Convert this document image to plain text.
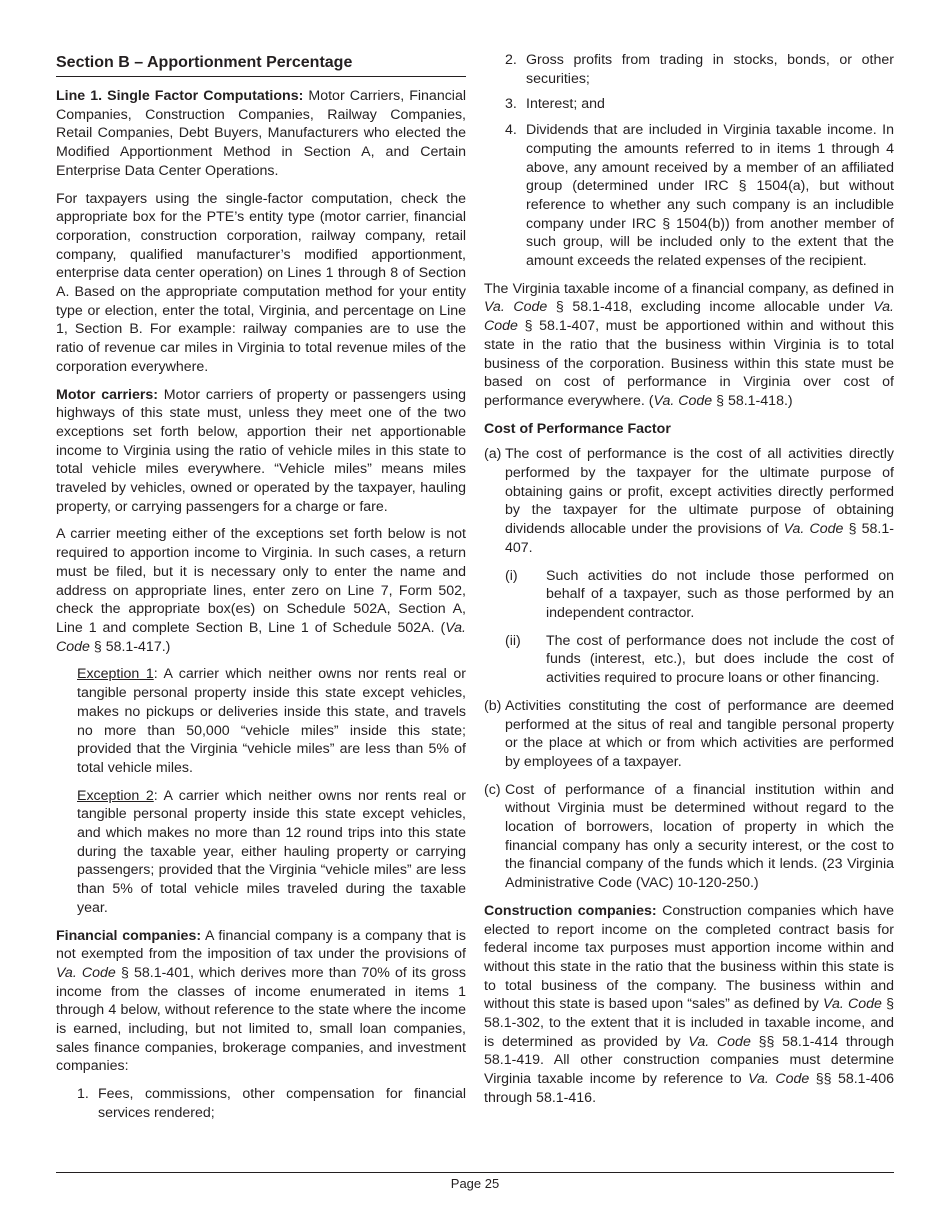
Section B – Apportionment Percentage

Line 1. Single Factor Computations: Motor Carriers, Financial Companies, Construction Companies, Railway Companies, Retail Companies, Debt Buyers, Manufacturers who elected the Modified Apportionment Method in Section A, and Certain Enterprise Data Center Operations.

For taxpayers using the single-factor computation, check the appropriate box for the PTE’s entity type (motor carrier, financial corporation, construction corporation, railway company, retail company, qualified manufacturer’s modified apportionment, enterprise data center operation) on Lines 1 through 8 of Section A. Based on the appropriate computation method for your entity type or election, enter the total, Virginia, and percentage on Line 1, Section B. For example: railway companies are to use the ratio of revenue car miles in Virginia to total revenue miles of the corporation everywhere.

Motor carriers: Motor carriers of property or passengers using highways of this state must, unless they meet one of the two exceptions set forth below, apportion their net apportionable income to Virginia using the ratio of vehicle miles in this state to total vehicle miles everywhere. “Vehicle miles” means miles traveled by vehicles, owned or operated by the taxpayer, hauling property, or carrying passengers for a charge or fare.

A carrier meeting either of the exceptions set forth below is not required to apportion income to Virginia. In such cases, a return must be filed, but it is necessary only to enter the name and address on appropriate lines, enter zero on Line 7, Form 502, check the appropriate box(es) on Schedule 502A, Section A, Line 1 and complete Section B, Line 1 of Schedule 502A. (Va. Code § 58.1-417.)

Exception 1: A carrier which neither owns nor rents real or tangible personal property inside this state except vehicles, makes no pickups or deliveries inside this state, and travels no more than 50,000 “vehicle miles” inside this state; provided that the Virginia “vehicle miles” are less than 5% of total vehicle miles.

Exception 2: A carrier which neither owns nor rents real or tangible personal property inside this state except vehicles, and which makes no more than 12 round trips into this state during the taxable year, either hauling property or carrying passengers; provided that the Virginia “vehicle miles” are less than 5% of total vehicle miles traveled during the taxable year.

Financial companies: A financial company is a company that is not exempted from the imposition of tax under the provisions of Va. Code § 58.1-401, which derives more than 70% of its gross income from the classes of income enumerated in items 1 through 4 below, without reference to the state where the income is earned, including, but not limited to, small loan companies, sales finance companies, brokerage companies, and investment companies:

1. Fees, commissions, other compensation for financial services rendered;
2. Gross profits from trading in stocks, bonds, or other securities;
3. Interest; and
4. Dividends that are included in Virginia taxable income. In computing the amounts referred to in items 1 through 4 above, any amount received by a member of an affiliated group (determined under IRC § 1504(a), but without reference to whether any such company is an includible company under IRC § 1504(b)) from another member of such group, will be included only to the extent that the amount exceeds the related expenses of the recipient.

The Virginia taxable income of a financial company, as defined in Va. Code § 58.1-418, excluding income allocable under Va. Code § 58.1-407, must be apportioned within and without this state in the ratio that the business within Virginia is to total business of the corporation. Business within this state must be based on cost of performance in Virginia over cost of performance everywhere. (Va. Code § 58.1-418.)

Cost of Performance Factor
(a) The cost of performance is the cost of all activities directly performed by the taxpayer for the ultimate purpose of obtaining gains or profit, except activities directly performed by the taxpayer for the ultimate purpose of obtaining dividends allocable under the provisions of Va. Code § 58.1-407.
(i) Such activities do not include those performed on behalf of a taxpayer, such as those performed by an independent contractor.
(ii) The cost of performance does not include the cost of funds (interest, etc.), but does include the cost of activities required to procure loans or other financing.
(b) Activities constituting the cost of performance are deemed performed at the situs of real and tangible personal property or the place at which or from which activities are performed by employees of a taxpayer.
(c) Cost of performance of a financial institution within and without Virginia must be determined without regard to the location of borrowers, location of property in which the financial company has only a security interest, or the cost to the financial company of the funds which it lends. (23 Virginia Administrative Code (VAC) 10-120-250.)

Construction companies: Construction companies which have elected to report income on the completed contract basis for federal income tax purposes must apportion income within and without this state in the ratio that the business within this state is to total business of the company. The business within and without this state is based upon “sales” as defined by Va. Code § 58.1-302, to the extent that it is included in taxable income, and is determined as provided by Va. Code §§ 58.1-414 through 58.1-419. All other construction companies must determine Virginia taxable income by reference to Va. Code §§ 58.1-406 through 58.1-416.

Page 25
